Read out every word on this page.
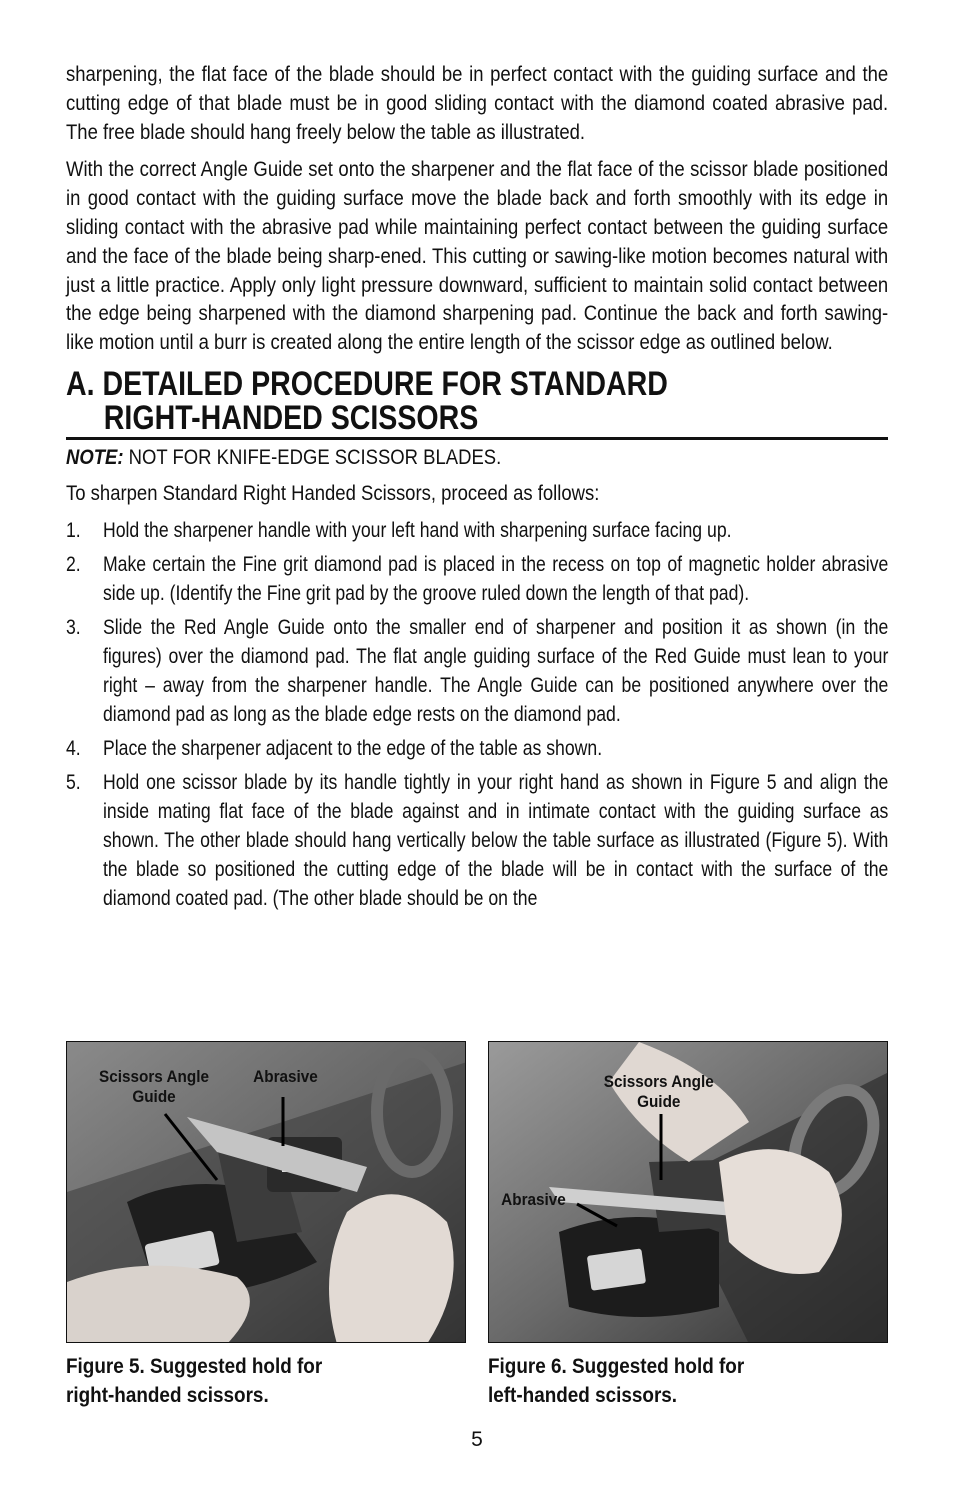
sharpening, the flat face of the blade should be in perfect contact with the guiding surface and the cutting edge of that blade must be in good sliding contact with the diamond coated abrasive pad. The free blade should hang freely below the table as illustrated.

With the correct Angle Guide set onto the sharpener and the flat face of the scissor blade positioned in good contact with the guiding surface move the blade back and forth smoothly with its edge in sliding contact with the abrasive pad while maintaining perfect contact between the guiding surface and the face of the blade being sharp-ened. This cutting or sawing-like motion becomes natural with just a little practice. Apply only light pressure downward, sufficient to maintain solid contact between the edge being sharpened with the diamond sharpening pad. Continue the back and forth sawing-like motion until a burr is created along the entire length of the scissor edge as outlined below.

A. DETAILED PROCEDURE FOR STANDARD
RIGHT-HANDED SCISSORS
NOTE: NOT FOR KNIFE-EDGE SCISSOR BLADES.
To sharpen Standard Right Handed Scissors, proceed as follows:
1. Hold the sharpener handle with your left hand with sharpening surface facing up.
2. Make certain the Fine grit diamond pad is placed in the recess on top of magnetic holder abrasive side up. (Identify the Fine grit pad by the groove ruled down the length of that pad).
3. Slide the Red Angle Guide onto the smaller end of sharpener and position it as shown (in the figures) over the diamond pad. The flat angle guiding surface of the Red Guide must lean to your right – away from the sharpener handle. The Angle Guide can be positioned anywhere over the diamond pad as long as the blade edge rests on the diamond pad.
4. Place the sharpener adjacent to the edge of the table as shown.
5. Hold one scissor blade by its handle tightly in your right hand as shown in Figure 5 and align the inside mating flat face of the blade against and in intimate contact with the guiding surface as shown. The other blade should hang vertically below the table surface as illustrated (Figure 5). With the blade so positioned the cutting edge of the blade will be in contact with the surface of the diamond coated pad. (The other blade should be on the
Scissors Angle Guide
Abrasive	Scissors Angle Guide
Abrasive
Figure 5. Suggested hold for
right-handed scissors.
Figure 6. Suggested hold for
left-handed scissors.
5
